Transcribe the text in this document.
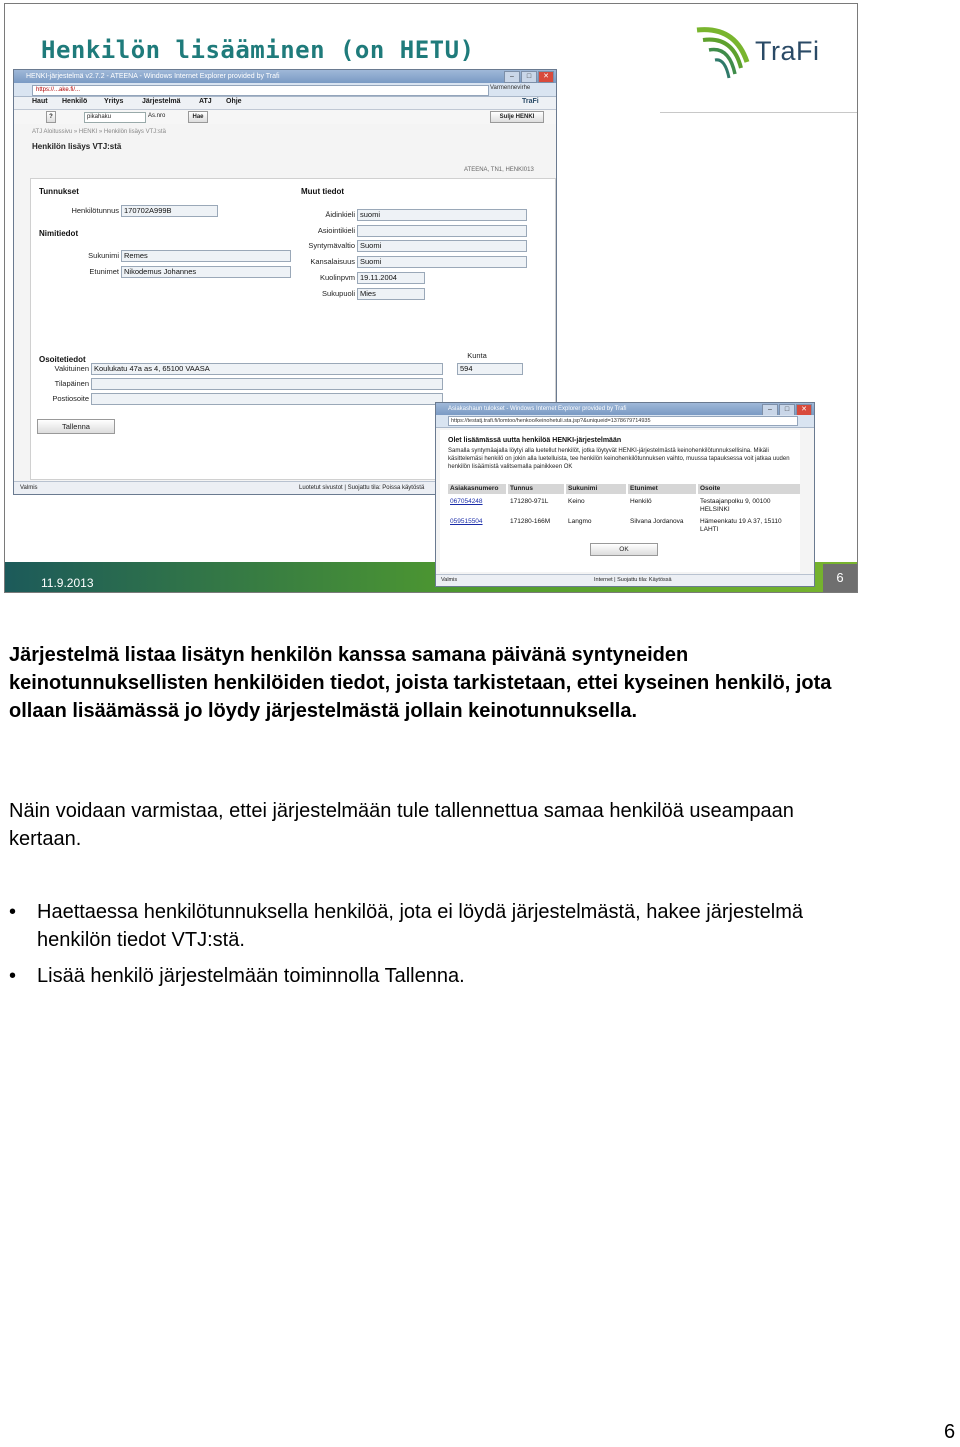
Henkilön lisääminen (on HETU)	TraFi
11.9.2013	6
HENKI-järjestelmä v2.7.2 - ATEENA - Windows Internet Explorer provided by Trafi	–	□	✕
https://...ake.fi/...	Varmennevirhe
Haut Henkilö Yritys	Järjestelmä	ATJ Ohje	TraFi
?	pikahaku	As.nro	Hae	Sulje HENKI
ATJ Aloitussivu » HENKI » Henkilön lisäys VTJ:stä
Henkilön lisäys VTJ:stä
ATEENA, TN1, HENKI013
Tunnukset	Muut tiedot
Nimitiedot
Osoitetiedot
Henkilötunnus 170702A999B
Sukunimi Remes
Etunimet Nikodemus Johannes
Äidinkieli suomi
Asiointikieli
Syntymävaltio Suomi
Kansalaisuus Suomi
Kuolinpvm 19.11.2004
Sukupuoli Mies
Vakituinen Koulukatu 47a as 4, 65100 VAASA
Tilapäinen
Postiosoite
Kunta
594
Tallenna
Valmis	Luotetut sivustot | Suojattu tila: Poissa käytöstä
Asiakashaun tulokset - Windows Internet Explorer provided by Trafi	–	□	✕
https://testatj.trafi.fi/lomtoo/henkoo/keinohetuli.sta.jsp?&uniqueid=1378679714935
Olet lisäämässä uutta henkilöä HENKI-järjestelmään
Samalla syntymäajalla löytyi alla luetellut henkilöt, jotka löytyvät HENKI-järjestelmästä keinohenkilötunnuksellisina. Mikäli käsittelemäsi henkilö on jokin alla luetelluista, tee henkilön keinohenkilötunnuksen vaihto, muussa tapauksessa voit jatkaa uuden henkilön lisäämistä valitsemalla painikkeen OK
Asiakasnumero	Tunnus	Sukunimi	Etunimet	Osoite
067054248	171280-971L	Keino	Henkilö	Testaajanpolku 9, 00100
HELSINKI
059515504	171280-166M	Langmo	Silvana Jordanova	Hämeenkatu 19 A 37, 15110
LAHTI
OK
Valmis	Internet | Suojattu tila: Käytössä
Järjestelmä listaa lisätyn henkilön kanssa samana päivänä syntyneiden keinotunnuksellisten henkilöiden tiedot, joista tarkistetaan, ettei kyseinen henkilö, jota ollaan lisäämässä jo löydy järjestelmästä jollain keinotunnuksella.
Näin voidaan varmistaa, ettei järjestelmään tule tallennettua samaa henkilöä useampaan kertaan.
• Haettaessa henkilötunnuksella henkilöä, jota ei löydä järjestelmästä, hakee järjestelmä henkilön tiedot VTJ:stä.
• Lisää henkilö järjestelmään toiminnolla Tallenna.
6
